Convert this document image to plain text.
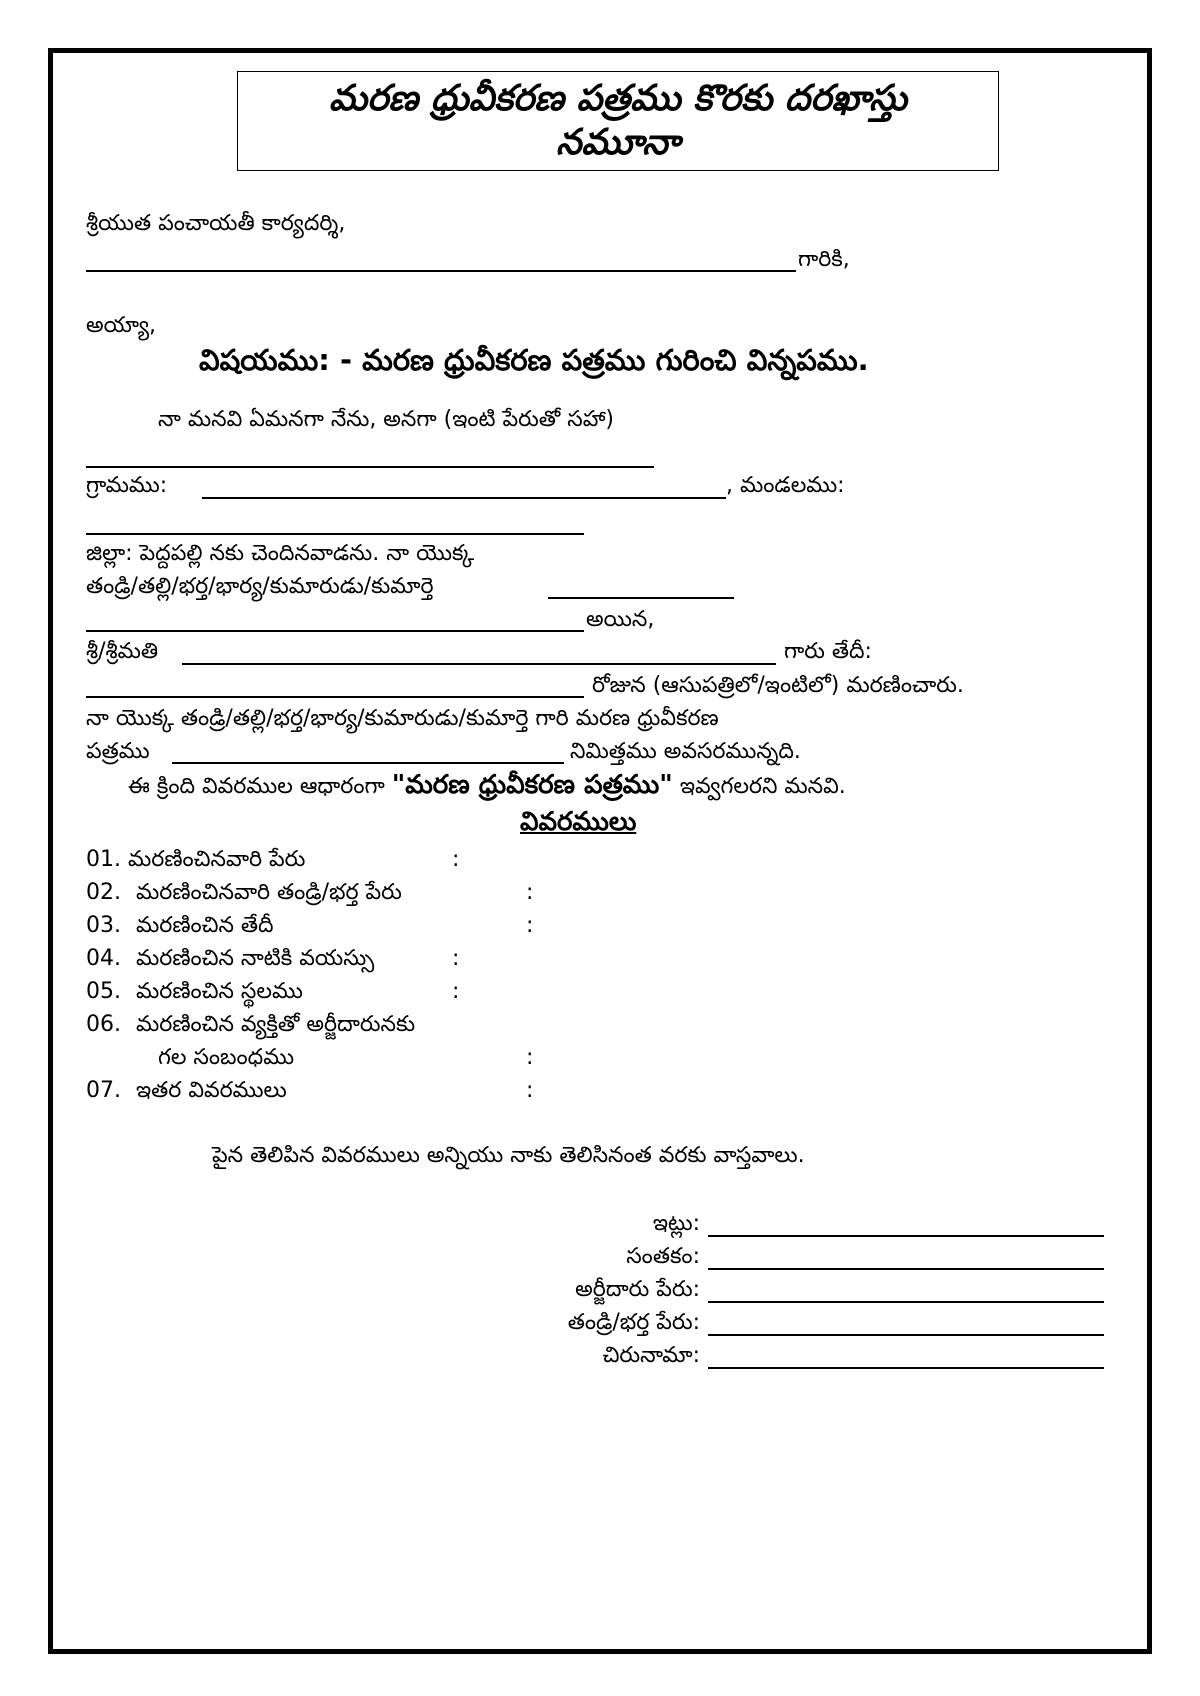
మరణ ధ్రువీకరణ పత్రము కొరకు దరఖాస్తు
నమూనా
శ్రీయుత పంచాయతీ కార్యదర్శి,
గారికి,
అయ్యా,
విషయము: - మరణ ధ్రువీకరణ పత్రము గురించి విన్నపము.
నా మనవి ఏమనగా నేను, అనగా (ఇంటి పేరుతో సహా)
గ్రామము:	, మండలము:
జిల్లా: పెద్దపల్లి నకు చెందినవాడను. నా యొక్క
తండ్రి/తల్లి/భర్త/భార్య/కుమారుడు/కుమార్తె
అయిన,
శ్రీ/శ్రీమతి	గారు తేదీ:
రోజున (ఆసుపత్రిలో/ఇంటిలో) మరణించారు.
నా యొక్క తండ్రి/తల్లి/భర్త/భార్య/కుమారుడు/కుమార్తె గారి మరణ ధ్రువీకరణ
పత్రము	నిమిత్తము అవసరమున్నది.
ఈ క్రింది వివరముల ఆధారంగా "మరణ ధ్రువీకరణ పత్రము" ఇవ్వగలరని మనవి.
వివరములు
01. మరణించినవారి పేరు	:
02. మరణించినవారి తండ్రి/భర్త పేరు	:
03. మరణించిన తేదీ	:
04. మరణించిన నాటికి వయస్సు	:
05. మరణించిన స్థలము	:
06. మరణించిన వ్యక్తితో అర్జీదారునకు
గల సంబంధము	:
07. ఇతర వివరములు	:
పైన తెలిపిన వివరములు అన్నియు నాకు తెలిసినంత వరకు వాస్తవాలు.
ఇట్లు:
సంతకం:
అర్జీదారు పేరు:
తండ్రి/భర్త పేరు:
చిరునామా:
